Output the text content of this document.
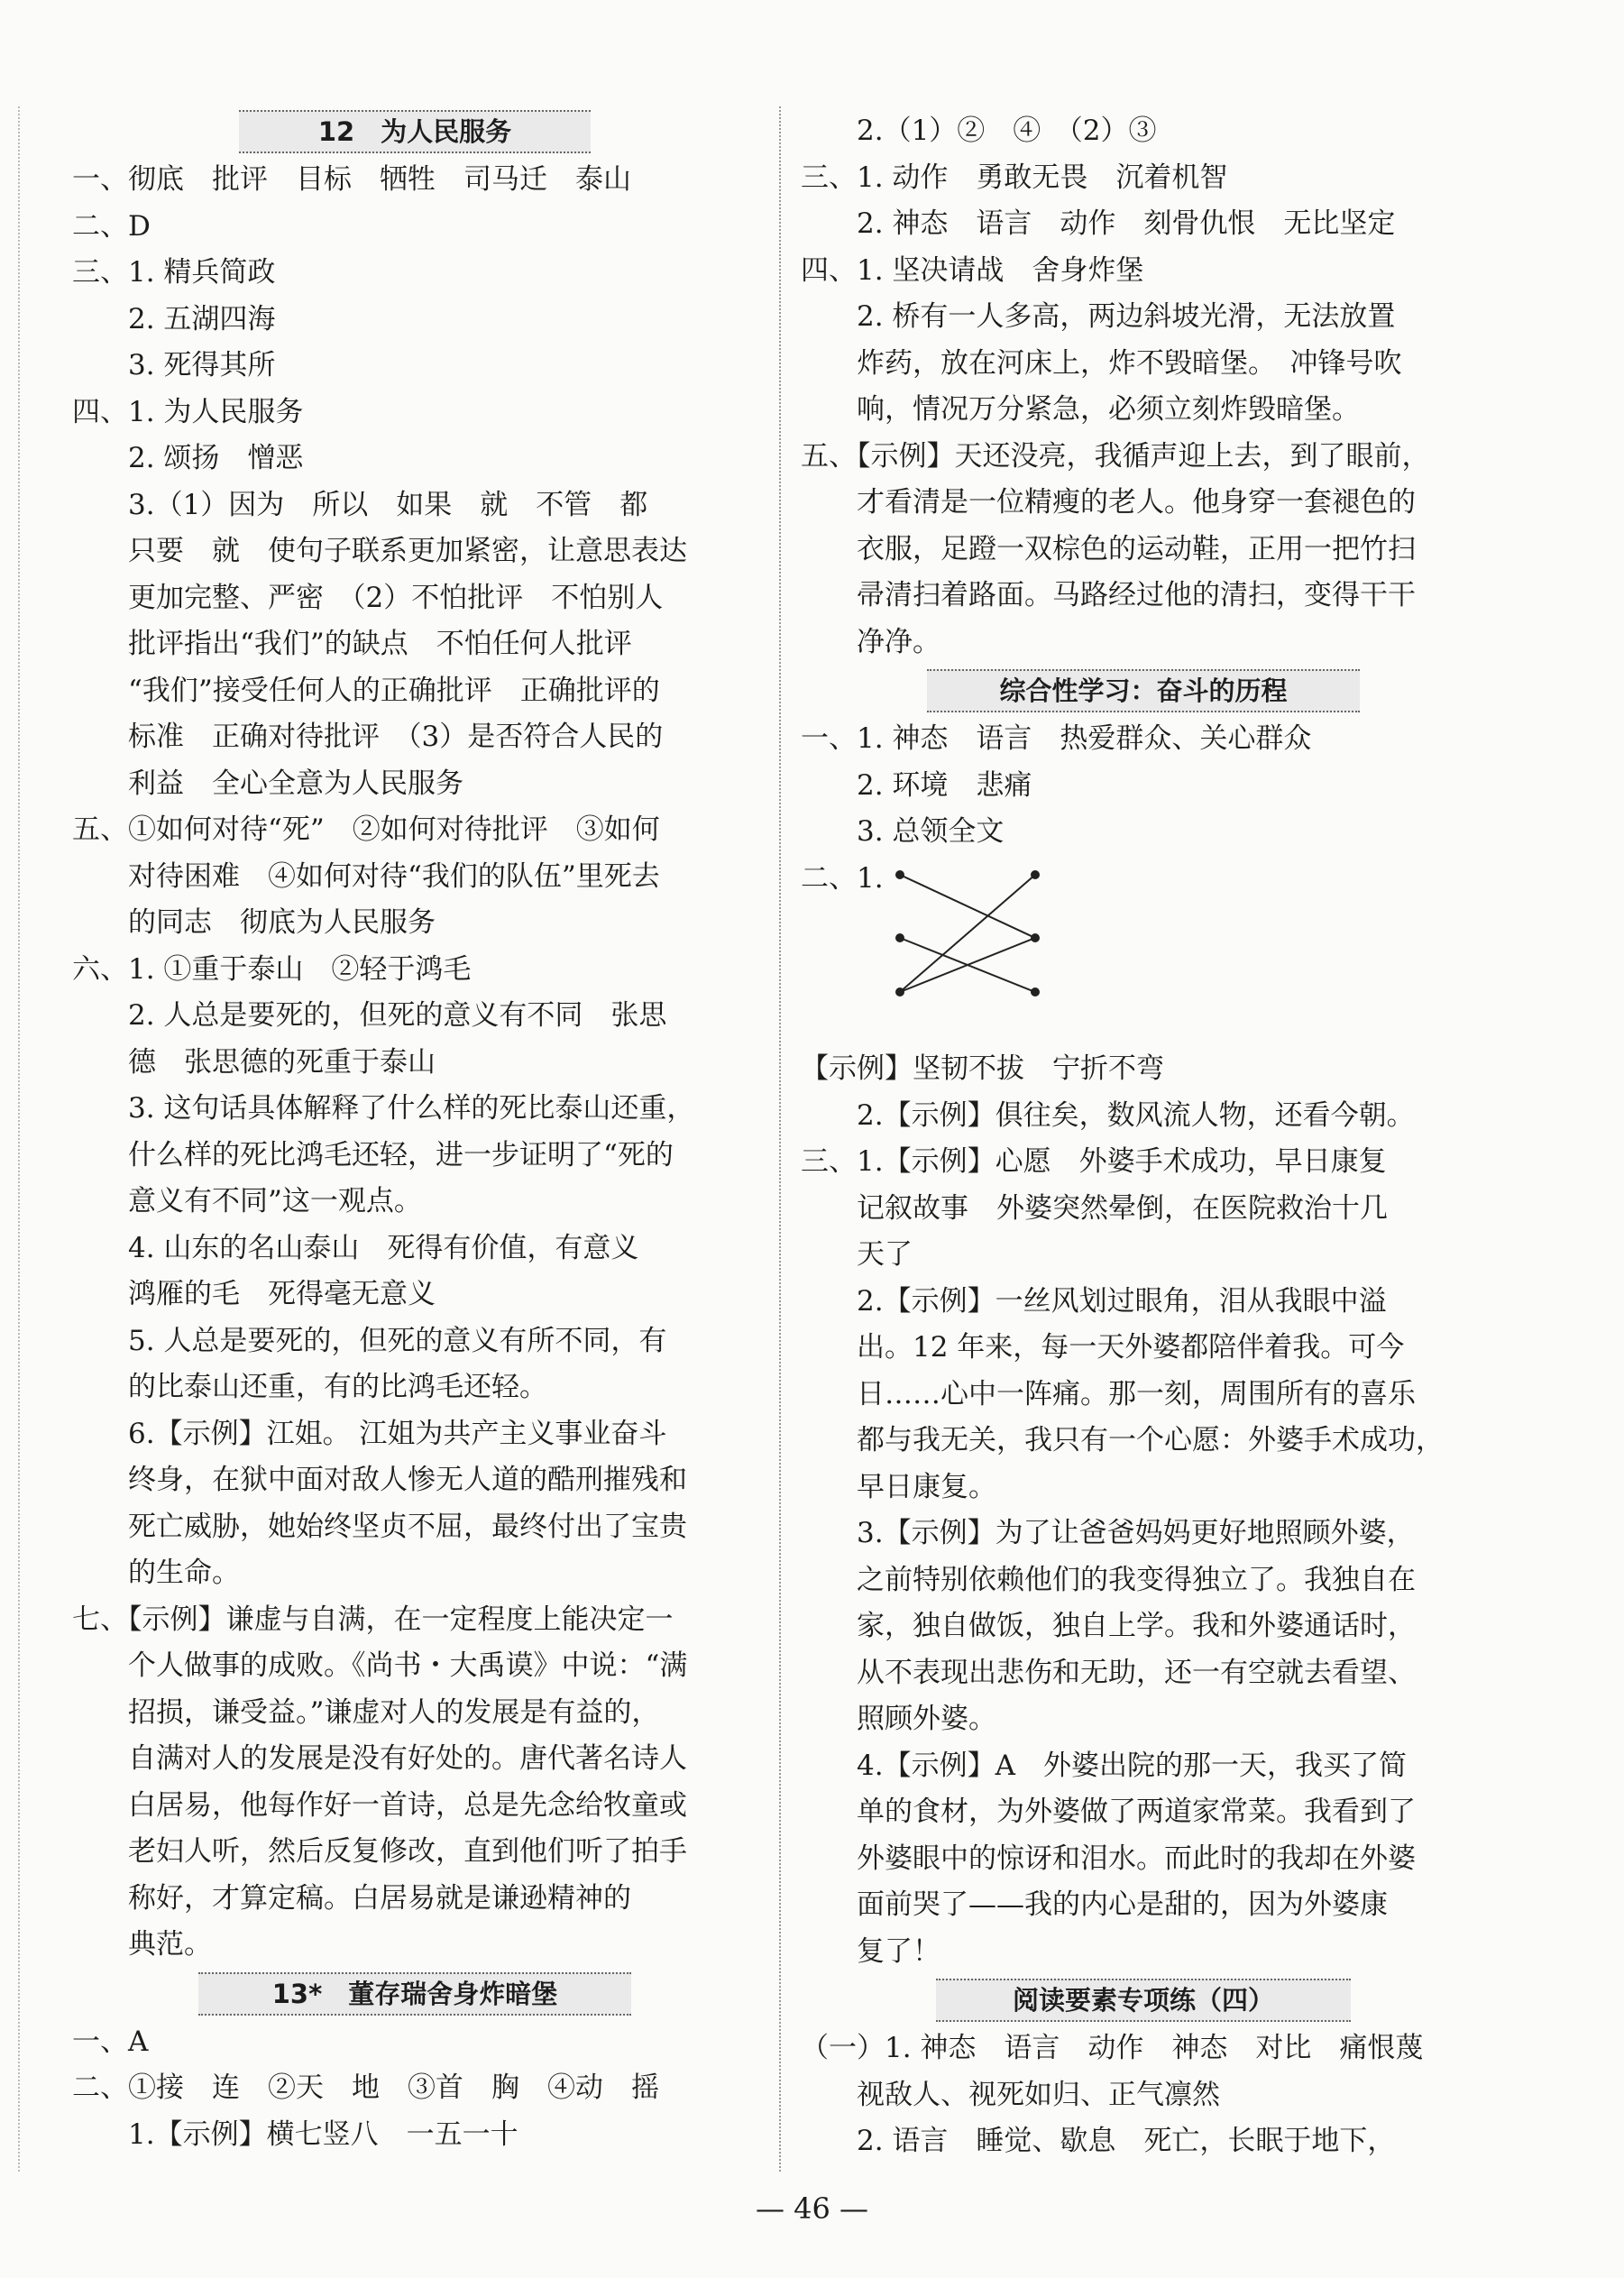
12　为人民服务
一、彻底　批评　目标　牺牲　司马迁　泰山
二、D
三、1. 精兵简政
　　2. 五湖四海
　　3. 死得其所
四、1. 为人民服务
　　2. 颂扬　憎恶
　　3.（1）因为　所以　如果　就　不管　都
　　只要　就　使句子联系更加紧密，让意思表达
　　更加完整、严密　（2）不怕批评　不怕别人
　　批评指出“我们”的缺点　不怕任何人批评
　　“我们”接受任何人的正确批评　正确批评的
　　标准　正确对待批评　（3）是否符合人民的
　　利益　全心全意为人民服务
五、①如何对待“死”　②如何对待批评　③如何
　　对待困难　④如何对待“我们的队伍”里死去
　　的同志　彻底为人民服务
六、1. ①重于泰山　②轻于鸿毛
　　2. 人总是要死的，但死的意义有不同　张思
　　德　张思德的死重于泰山
　　3. 这句话具体解释了什么样的死比泰山还重，
　　什么样的死比鸿毛还轻，进一步证明了“死的
　　意义有不同”这一观点。
　　4. 山东的名山泰山　死得有价值，有意义
　　鸿雁的毛　死得毫无意义
　　5. 人总是要死的，但死的意义有所不同，有
　　的比泰山还重，有的比鸿毛还轻。
　　6.【示例】江姐。 江姐为共产主义事业奋斗
　　终身，在狱中面对敌人惨无人道的酷刑摧残和
　　死亡威胁，她始终坚贞不屈，最终付出了宝贵
　　的生命。
七、【示例】谦虚与自满，在一定程度上能决定一
　　个人做事的成败。《尚书・大禹谟》中说：“满
　　招损，谦受益。”谦虚对人的发展是有益的，
　　自满对人的发展是没有好处的。唐代著名诗人
　　白居易，他每作好一首诗，总是先念给牧童或
　　老妇人听，然后反复修改，直到他们听了拍手
　　称好，才算定稿。白居易就是谦逊精神的
　　典范。
13*　董存瑞舍身炸暗堡
一、A
二、①接　连　②天　地　③首　胸　④动　摇
　　1.【示例】横七竖八　一五一十
　　2.（1）②　④　（2）③
三、1. 动作　勇敢无畏　沉着机智
　　2. 神态　语言　动作　刻骨仇恨　无比坚定
四、1. 坚决请战　舍身炸堡
　　2. 桥有一人多高，两边斜坡光滑，无法放置
　　炸药，放在河床上，炸不毁暗堡。　冲锋号吹
　　响，情况万分紧急，必须立刻炸毁暗堡。
五、【示例】天还没亮，我循声迎上去，到了眼前，
　　才看清是一位精瘦的老人。他身穿一套褪色的
　　衣服，足蹬一双棕色的运动鞋，正用一把竹扫
　　帚清扫着路面。马路经过他的清扫，变得干干
　　净净。
综合性学习：奋斗的历程
一、1. 神态　语言　热爱群众、关心群众
　　2. 环境　悲痛
　　3. 总领全文
二、1.
【示例】坚韧不拔　宁折不弯
　　2.【示例】俱往矣，数风流人物，还看今朝。
三、1.【示例】心愿　外婆手术成功，早日康复
　　记叙故事　外婆突然晕倒，在医院救治十几
　　天了
　　2.【示例】一丝风划过眼角，泪从我眼中溢
　　出。12 年来，每一天外婆都陪伴着我。可今
　　日……心中一阵痛。那一刻，周围所有的喜乐
　　都与我无关，我只有一个心愿：外婆手术成功，
　　早日康复。
　　3.【示例】为了让爸爸妈妈更好地照顾外婆，
　　之前特别依赖他们的我变得独立了。我独自在
　　家，独自做饭，独自上学。我和外婆通话时，
　　从不表现出悲伤和无助，还一有空就去看望、
　　照顾外婆。
　　4.【示例】A　外婆出院的那一天，我买了简
　　单的食材，为外婆做了两道家常菜。我看到了
　　外婆眼中的惊讶和泪水。而此时的我却在外婆
　　面前哭了——我的内心是甜的，因为外婆康
　　复了！
阅读要素专项练（四）
（一）1. 神态　语言　动作　神态　对比　痛恨蔑
　　视敌人、视死如归、正气凛然
　　2. 语言　睡觉、歇息　死亡，长眠于地下，
— 46 —
